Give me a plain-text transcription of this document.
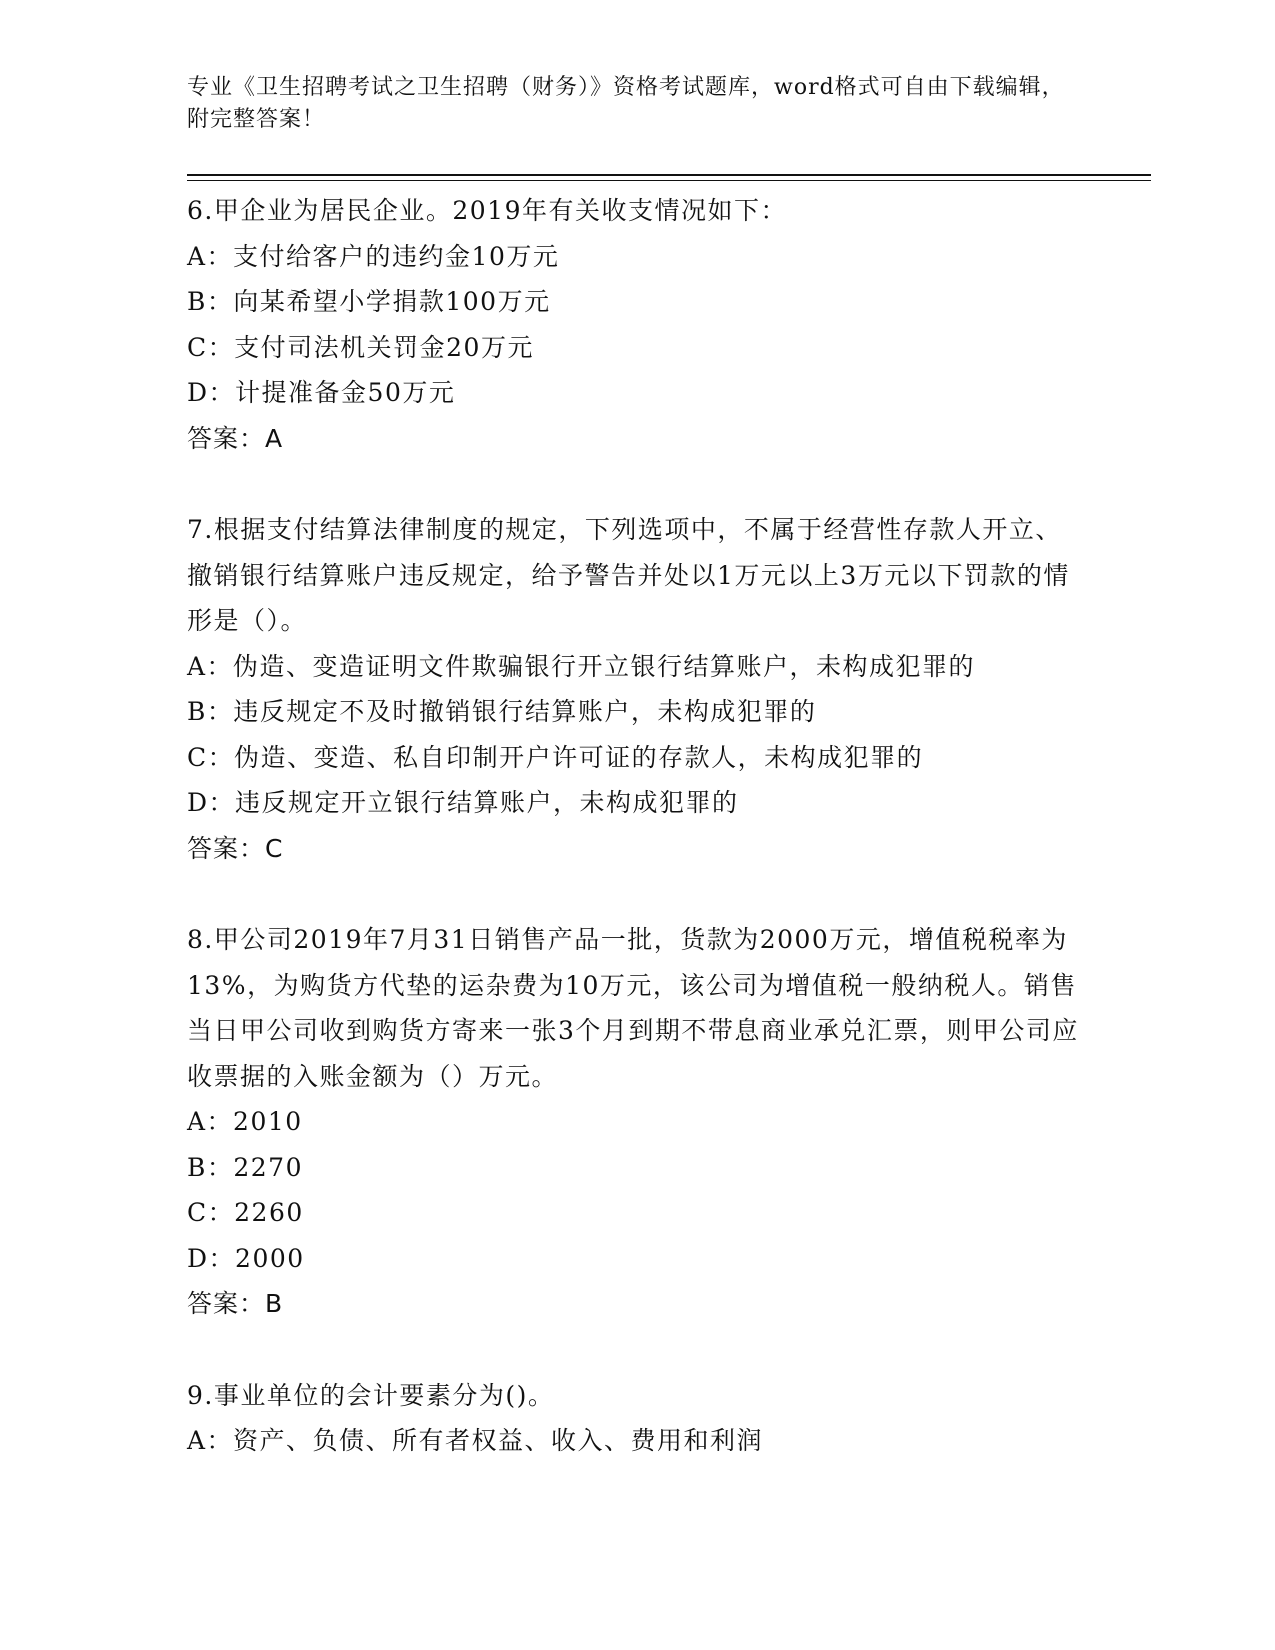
专业《卫生招聘考试之卫生招聘（财务）》资格考试题库，word格式可自由下载编辑，附完整答案！

6.甲企业为居民企业。2019年有关收支情况如下：

A：支付给客户的违约金10万元

B：向某希望小学捐款100万元

C：支付司法机关罚金20万元

D：计提准备金50万元

答案：A

7.根据支付结算法律制度的规定，下列选项中，不属于经营性存款人开立、撤销银行结算账户违反规定，给予警告并处以1万元以上3万元以下罚款的情形是（）。

A：伪造、变造证明文件欺骗银行开立银行结算账户，未构成犯罪的

B：违反规定不及时撤销银行结算账户，未构成犯罪的

C：伪造、变造、私自印制开户许可证的存款人，未构成犯罪的

D：违反规定开立银行结算账户，未构成犯罪的

答案：C

8.甲公司2019年7月31日销售产品一批，货款为2000万元，增值税税率为13%，为购货方代垫的运杂费为10万元，该公司为增值税一般纳税人。销售当日甲公司收到购货方寄来一张3个月到期不带息商业承兑汇票，则甲公司应收票据的入账金额为（）万元。

A：2010

B：2270

C：2260

D：2000

答案：B

9.事业单位的会计要素分为()。

A：资产、负债、所有者权益、收入、费用和利润
